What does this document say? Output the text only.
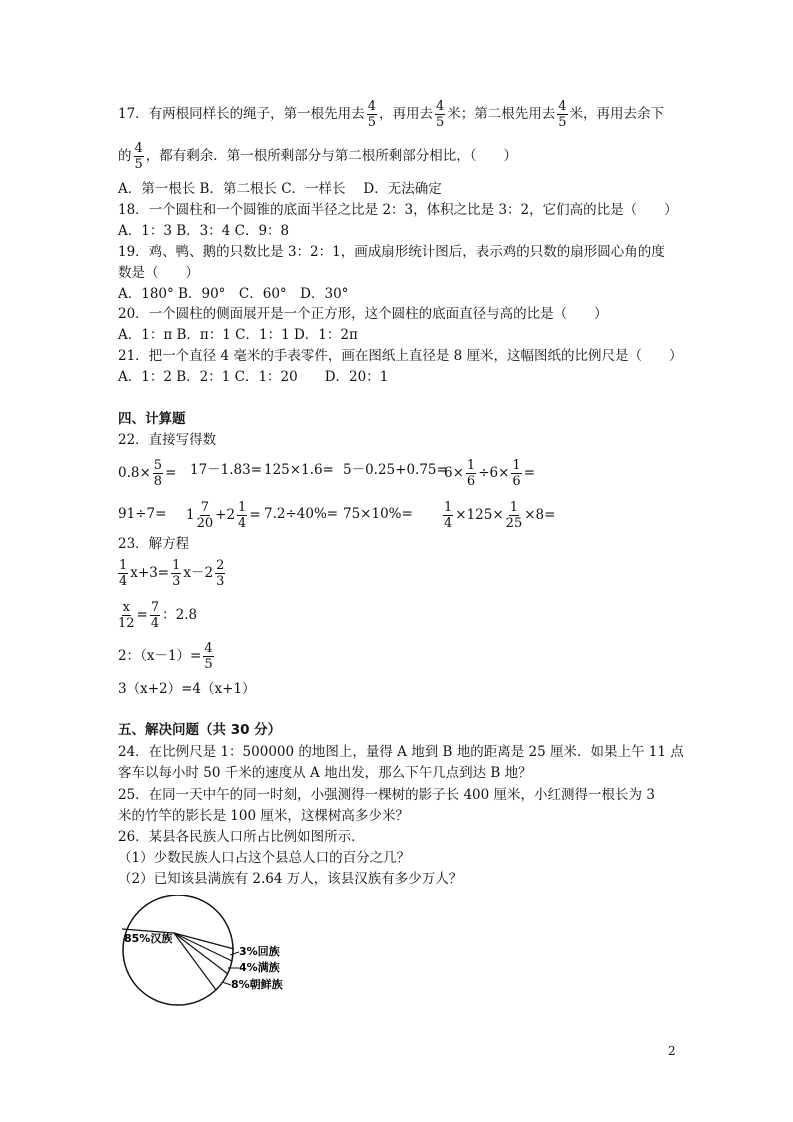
17．有两根同样长的绳子，第一根先用去 $\frac{4}{5}$ ，再用去 $\frac{4}{5}$ 米；第二根先用去 $\frac{4}{5}$ 米，再用去余下
的 $\frac{4}{5}$ ，都有剩余．第一根所剩部分与第二根所剩部分相比，（　　）
A．第一根长 B．第二根长 C．一样长　 D．无法确定
18．一个圆柱和一个圆锥的底面半径之比是 2：3，体积之比是 3：2，它们高的比是（　　）
A．1：3 B．3：4 C．9：8
19．鸡、鸭、鹅的只数比是 3：2：1，画成扇形统计图后，表示鸡的只数的扇形圆心角的度
数是（　　）
A．180° B．90°　C．60°　D．30°
20．一个圆柱的侧面展开是一个正方形，这个圆柱的底面直径与高的比是（　　）
A．1：π B．π：1 C．1：1 D．1：2π
21．把一个直径 4 毫米的手表零件，画在图纸上直径是 8 厘米，这幅图纸的比例尺是（　　）
A．1：2 B．2：1 C．1：20　　D．20：1
四、计算题
22．直接写得数
$0.8\times \frac{5}{8} = 17-1.83= 125\times 1.6= 5-0.25+0.75=$
$6\times \frac{1}{6} \div 6\times \frac{1}{6}$ =
$91\div 7= 1 \frac{7}{20} +2 \frac{1}{4} = 7.2\div 40\%= 75\times 10\%= \frac{1}{4} \times 125\times \frac{1}{25} \times 8=$
23．解方程
$\frac{1}{4} x+3= \frac{1}{3} x-2 \frac{2}{3}$
$\frac{x}{12} = \frac{7}{4}$ ：2.8
2：$(x-1)= \frac{4}{5}$
3（x+2）=4（x+1）
五、解决问题（共 30 分）
24．在比例尺是 1：500000 的地图上，量得 A 地到 B 地的距离是 25 厘米．如果上午 11 点
客车以每小时 50 千米的速度从 A 地出发，那么下午几点到达 B 地？
25．在同一天中午的同一时刻，小强测得一棵树的影子长 400 厘米，小红测得一根长为 3
米的竹竿的影长是 100 厘米，这棵树高多少米？
26．某县各民族人口所占比例如图所示．
（1）少数民族人口占这个县总人口的百分之几？
（2）已知该县满族有 2.64 万人，该县汉族有多少万人？
85%汉族
3%回族
4%满族
8%朝鲜族
2
